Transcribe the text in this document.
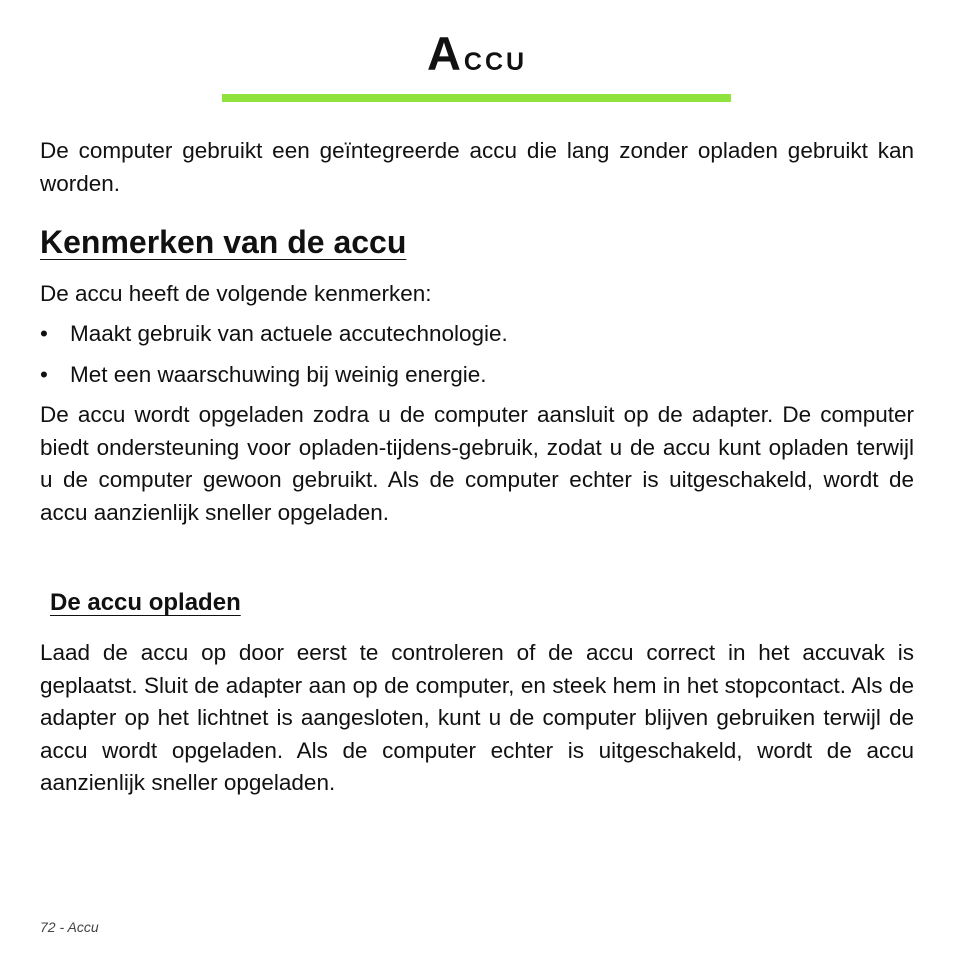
Accu

De computer gebruikt een geïntegreerde accu die lang zonder opladen gebruikt kan worden.

Kenmerken van de accu

De accu heeft de volgende kenmerken:

• Maakt gebruik van actuele accutechnologie.
• Met een waarschuwing bij weinig energie.

De accu wordt opgeladen zodra u de computer aansluit op de adapter. De computer biedt ondersteuning voor opladen-tijdens-gebruik, zodat u de accu kunt opladen terwijl u de computer gewoon gebruikt. Als de computer echter is uitgeschakeld, wordt de accu aanzienlijk sneller opgeladen.

De accu opladen

Laad de accu op door eerst te controleren of de accu correct in het accuvak is geplaatst. Sluit de adapter aan op de computer, en steek hem in het stopcontact. Als de adapter op het lichtnet is aangesloten, kunt u de computer blijven gebruiken terwijl de accu wordt opgeladen. Als de computer echter is uitgeschakeld, wordt de accu aanzienlijk sneller opgeladen.

72 - Accu
